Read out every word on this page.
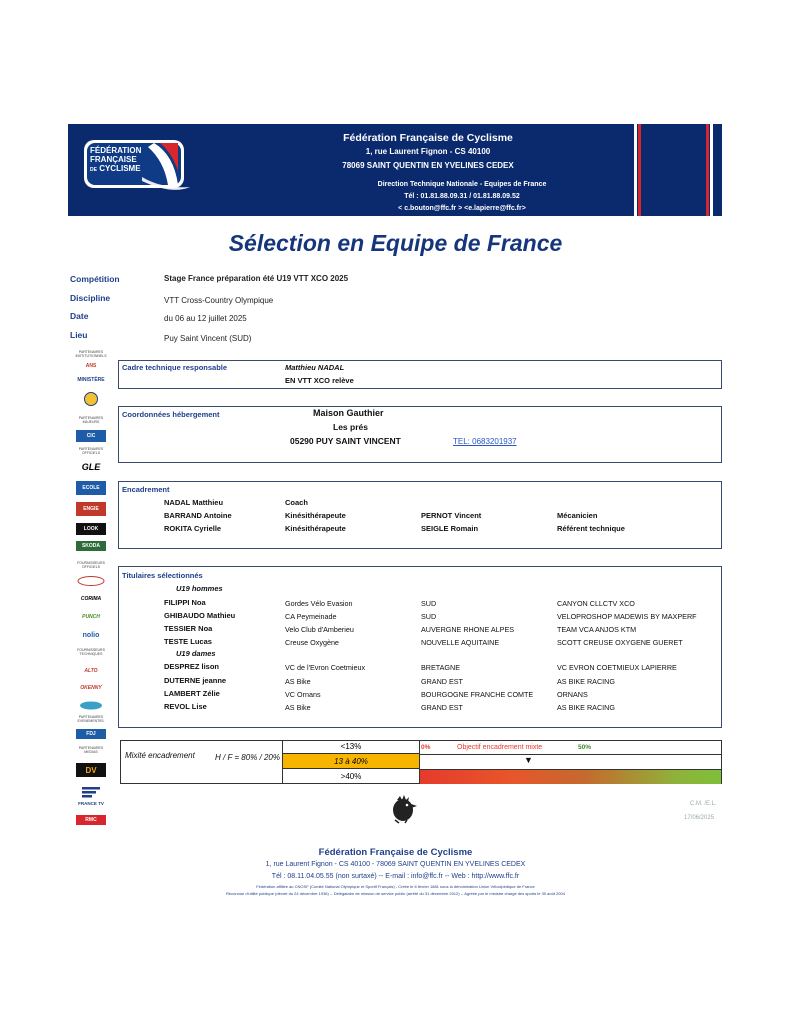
FÉDÉRATION
FRANÇAISE
DE CYCLISME
Fédération Française de Cyclisme
1, rue Laurent Fignon - CS 40100
78069 SAINT QUENTIN EN YVELINES CEDEX
Direction Technique Nationale - Equipes de France
Tél : 01.81.88.09.31 / 01.81.88.09.52
< c.bouton@ffc.fr > <e.lapierre@ffc.fr>
Sélection en Equipe de France
Compétition	Stage France préparation été U19 VTT XCO 2025
Discipline	VTT Cross-Country Olympique
Date	du 06 au 12 juillet 2025
Lieu	Puy Saint Vincent (SUD)
PARTENAIRES INSTITUTIONNELS
ANS
MINISTÈRE
PARTENAIRES MAJEURS
CIC
PARTENAIRES OFFICIELS
GLE
ECOLE
ENGIE
LOOK
SKODA
FOURNISSEURS OFFICIELS
CORIMA
PUNCH
nolio
FOURNISSEURS TECHNIQUES
ALTO
OKENNY
PARTENAIRES EVENEMENTIEL
FDJ
PARTENAIRES MEDIAS
DV
FRANCE TV
RMC
Cadre technique responsable	Matthieu NADAL
EN VTT XCO relève
Coordonnées hébergement	Maison Gauthier
Les prés
05290 PUY SAINT VINCENT	TEL: 0683201937
Encadrement
NADAL Matthieu	Coach
BARRAND Antoine	Kinésithérapeute	PERNOT Vincent	Mécanicien
ROKITA Cyrielle	Kinésithérapeute	SEIGLE Romain	Référent technique
Titulaires sélectionnés
U19 hommes
FILIPPI Noa	Gordes Vélo Evasion	SUD	CANYON CLLCTV XCO
GHIBAUDO Mathieu	CA Peymeinade	SUD	VELOPROSHOP MADEWIS BY MAXPERF
TESSIER Noa	Velo Club d'Amberieu	AUVERGNE RHONE ALPES	TEAM VCA ANJOS KTM
TESTE Lucas	Creuse Oxygène	NOUVELLE AQUITAINE	SCOTT CREUSE OXYGENE GUERET
U19 dames
DESPREZ lison	VC de l'Evron Coetmieux	BRETAGNE	VC EVRON COETMIEUX LAPIERRE
DUTERNE jeanne	AS Bike	GRAND EST	AS BIKE RACING
LAMBERT Zélie	VC Ornans	BOURGOGNE FRANCHE COMTE	ORNANS
REVOL Lise	AS Bike	GRAND EST	AS BIKE RACING
Mixité encadrement	H / F = 80% / 20%
<13%
13 à 40%
>40%
0%	Objectif encadrement mixte	50%
▼
C.M. /E.L.
17/06/2025
Fédération Française de Cyclisme
1, rue Laurent Fignon - CS 40100 - 78069 SAINT QUENTIN EN YVELINES CEDEX
Tél : 08.11.04.05.55 (non surtaxé) -- E-mail : info@ffc.fr -- Web : http://www.ffc.fr
Fédération affiliée au CNOSF (Comité National Olympique et Sportif Français) - Créée le 6 février 1881 sous la dénomination Union Vélocipédique de France
Reconnue d'utilité publique (décret du 24 décembre 1936) -- Délégataire de mission de service public (arrêté du 31 décembre 2012) -- Agréée par le ministre chargé des sports le 30 août 2004
